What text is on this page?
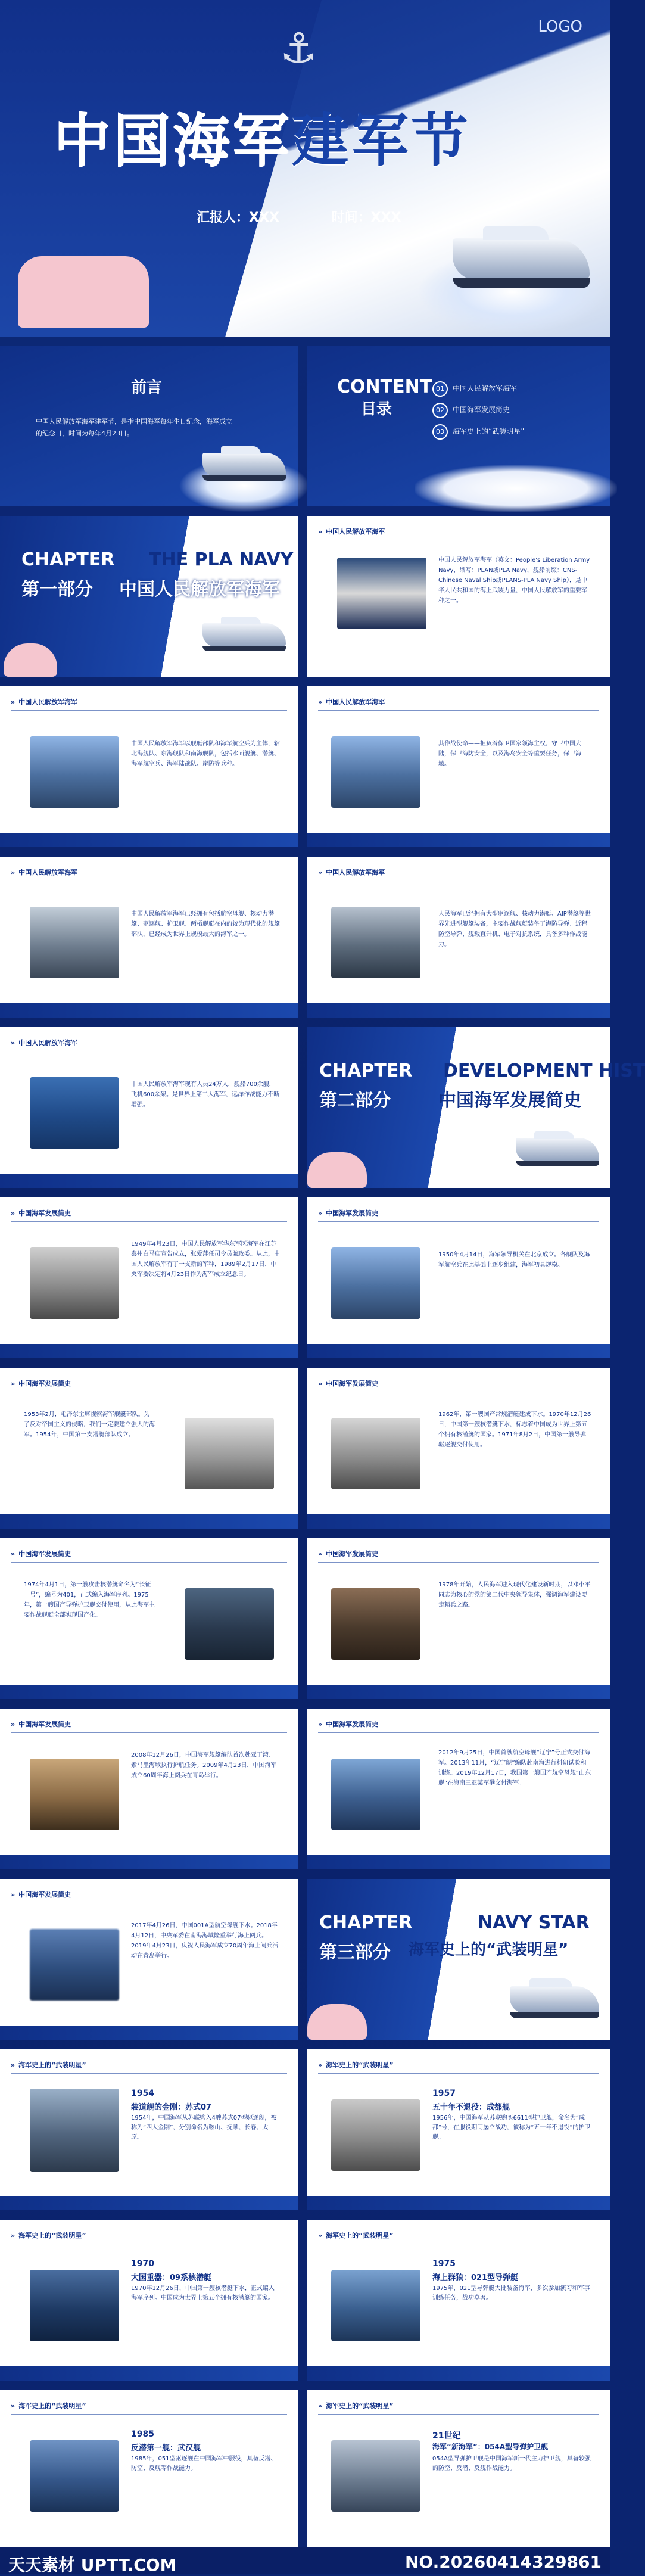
⚓	LOGO
中国海军建军节
汇报人：XXX	时间：XXX
前言
中国人民解放军海军建军节，是指中国海军每年生日纪念，海军成立的纪念日，时间为每年4月23日。
CONTENT
目录
01 中国人民解放军海军
02 中国海军发展简史
03 海军史上的“武装明星”
CHAPTER THE PLA NAVY
第一部分 中国人民解放军海军
» 中国人民解放军海军
中国人民解放军海军（英文：People's Liberation Army Navy，缩写：PLAN或PLA Navy，舰船前缀：CNS-Chinese Naval Ship或PLANS-PLA Navy Ship），是中华人民共和国的海上武装力量，中国人民解放军的重要军种之一。
» 中国人民解放军海军
中国人民解放军海军以舰艇部队和海军航空兵为主体，辖北海舰队、东海舰队和南海舰队，包括水面舰艇、潜艇、海军航空兵、海军陆战队、岸防等兵种。
» 中国人民解放军海军
其作战使命——担负着保卫国家领海主权，守卫中国大陆，保卫海防安全，以及海岛安全等重要任务，保卫海域。
» 中国人民解放军海军
中国人民解放军海军已经拥有包括航空母舰、核动力潜艇、驱逐舰、护卫舰、两栖舰艇在内的较为现代化的舰艇部队，已经成为世界上规模最大的海军之一。
» 中国人民解放军海军
人民海军已经拥有大型驱逐舰、核动力潜艇、AIP潜艇等世界先进型舰艇装备，主要作战舰艇装备了海防导弹、近程防空导弹、舰载直升机、电子对抗系统，具备多种作战能力。
» 中国人民解放军海军
中国人民解放军海军现有人员24万人，舰船700余艘，飞机600余架。是世界上第二大海军，远洋作战能力不断增强。
CHAPTER DEVELOPMENT HIST
第二部分	中国海军发展简史
» 中国海军发展简史
1949年4月23日，中国人民解放军华东军区海军在江苏泰州白马庙宣告成立，张爱萍任司令员兼政委。从此，中国人民解放军有了一支新的军种，1989年2月17日，中央军委决定将4月23日作为海军成立纪念日。
» 中国海军发展简史
1950年4月14日，海军领导机关在北京成立。各舰队及海军航空兵在此基础上逐步组建，海军初具规模。
» 中国海军发展简史
1953年2月，毛泽东主席视察海军舰艇部队。为了反对帝国主义的侵略，我们一定要建立强大的海军。1954年，中国第一支潜艇部队成立。
» 中国海军发展简史
1962年，第一艘国产常规潜艇建成下水。1970年12月26日，中国第一艘核潜艇下水，标志着中国成为世界上第五个拥有核潜艇的国家。1971年8月2日，中国第一艘导弹驱逐舰交付使用。
» 中国海军发展简史
1974年4月1日，第一艘攻击核潜艇命名为“长征一号”，编号为401，正式编入海军序列。1975年，第一艘国产导弹护卫舰交付使用，从此海军主要作战舰艇全部实现国产化。
» 中国海军发展简史
1978年开始，人民海军进入现代化建设新时期，以邓小平同志为核心的党的第二代中央领导集体，强调海军建设要走精兵之路。
» 中国海军发展简史
2008年12月26日，中国海军舰艇编队首次赴亚丁湾、索马里海域执行护航任务。2009年4月23日，中国海军成立60周年海上阅兵在青岛举行。
» 中国海军发展简史
2012年9月25日，中国首艘航空母舰“辽宁”号正式交付海军。2013年11月，“辽宁舰”编队赴南海进行科研试验和训练。2019年12月17日，我国第一艘国产航空母舰“山东舰”在海南三亚某军港交付海军。
» 中国海军发展简史
2017年4月26日，中国001A型航空母舰下水。2018年4月12日，中央军委在南海海域隆重举行海上阅兵。2019年4月23日，庆祝人民海军成立70周年海上阅兵活动在青岛举行。
CHAPTER	NAVY STAR
第三部分 海军史上的“武装明星”
» 海军史上的“武装明星”
1954
装道舰的金刚：苏式07
1954年，中国海军从苏联购入4艘苏式07型驱逐舰，被称为“四大金刚”，分别命名为鞍山、抚顺、长春、太原。
» 海军史上的“武装明星”
1957
五十年不退役：成都舰
1956年，中国海军从苏联购买6611型护卫舰，命名为“成都”号，在服役期间屡立战功，被称为“五十年不退役”的护卫舰。
» 海军史上的“武装明星”
1970
大国重器：09系核潜艇
1970年12月26日，中国第一艘核潜艇下水，正式编入海军序列。中国成为世界上第五个拥有核潜艇的国家。
» 海军史上的“武装明星”
1975
海上群狼：021型导弹艇
1975年，021型导弹艇大批装备海军，多次参加演习和军事训练任务，战功卓著。
» 海军史上的“武装明星”
1985
反潜第一舰：武汉舰
1985年，051型驱逐舰在中国海军中服役，具备反潜、防空、反舰等作战能力。
» 海军史上的“武装明星”
21世纪
海军“新海军”：054A型导弹护卫舰
054A型导弹护卫舰是中国海军新一代主力护卫舰，具备较强的防空、反潜、反舰作战能力。
天天素材 UPTT.COM	NO.20260414329861
